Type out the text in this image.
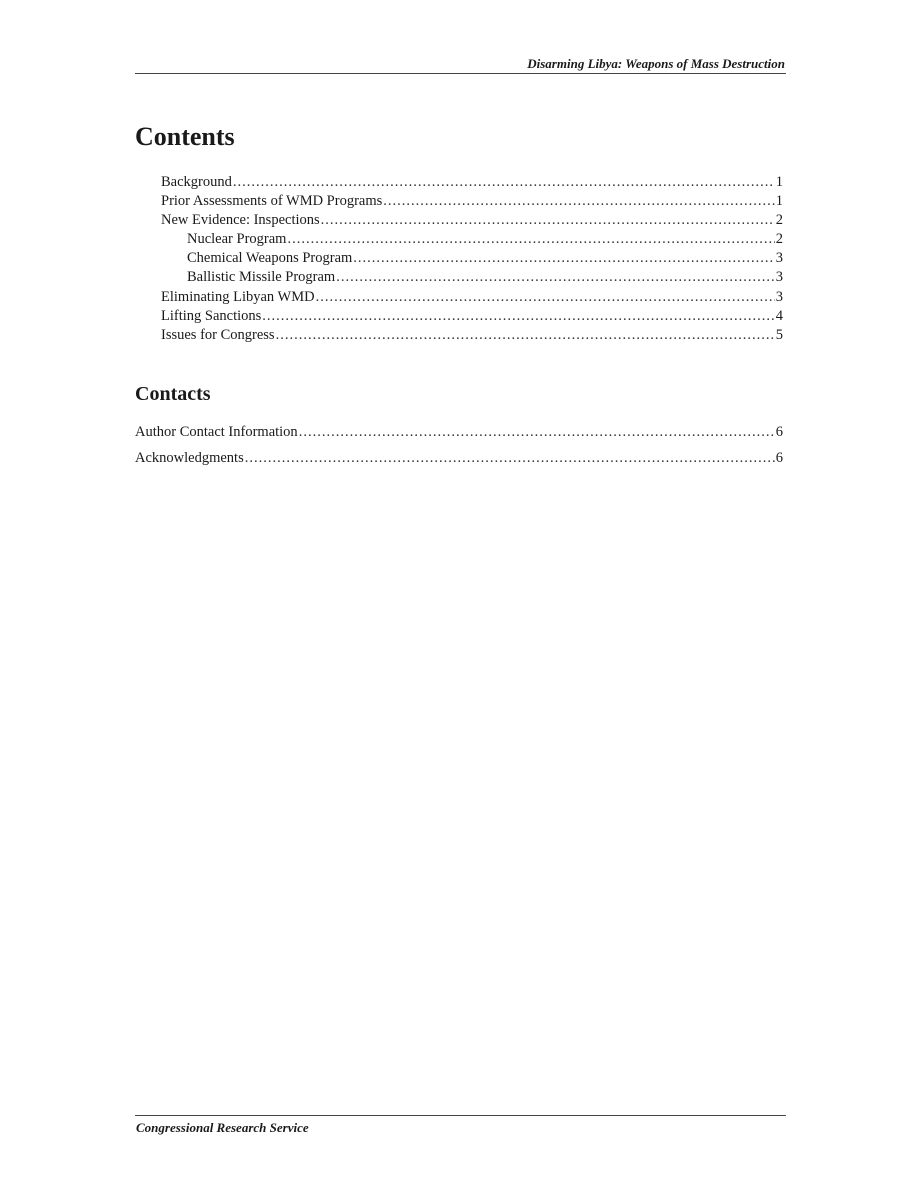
Disarming Libya: Weapons of Mass Destruction
Contents
Background .....	1
Prior Assessments of WMD Programs .....	1
New Evidence: Inspections .....	2
Nuclear Program .....	2
Chemical Weapons Program .....	3
Ballistic Missile Program .....	3
Eliminating Libyan WMD .....	3
Lifting Sanctions .....	4
Issues for Congress .....	5
Contacts
Author Contact Information .....	6
Acknowledgments .....	6
Congressional Research Service
